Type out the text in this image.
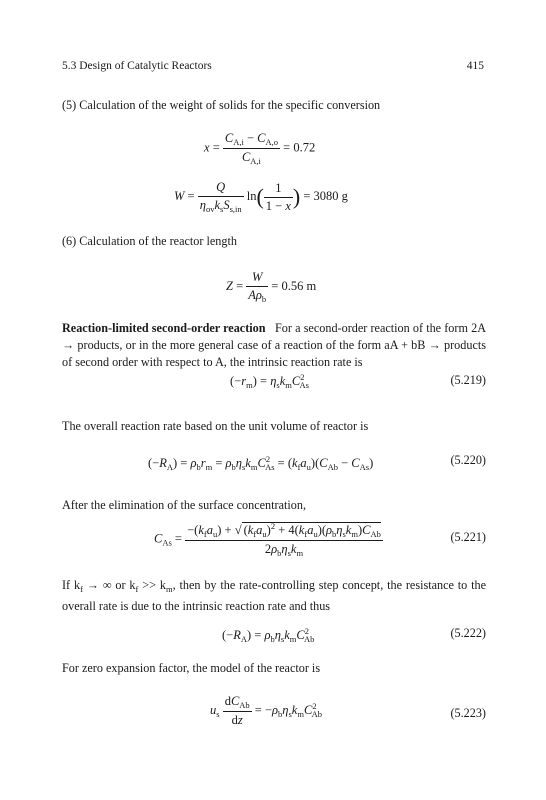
5.3 Design of Catalytic Reactors	415
(5) Calculation of the weight of solids for the specific conversion
$x = \frac{C_{A,i} - C_{A,o}}{C_{A,i}} = 0.72$
$W = \frac{Q}{\eta_{ov}k_sS_{s,in}} \ln( \frac{1}{1 - x}$ ) = 3080 g
(6) Calculation of the reactor length
$Z = \frac{W}{A\rho_b} = 0.56$ m
Reaction-limited second-order reaction For a second-order reaction of the form 2A → products, or in the more general case of a reaction of the form aA + bB → products of second order with respect to A, the intrinsic reaction rate is
$(-r_m) = \eta_sk_mC^2_{As}$	(5.219)
The overall reaction rate based on the unit volume of reactor is
$(-R_A) = \rho_br_m = \rho_b\eta_sk_mC^2_{As} = (k_fa_u)(C_{Ab} - C_{As})$	(5.220)
After the elimination of the surface concentration,
$C_{As} = \frac{-(k_fa_u) + √ (k_fa_u)^2 + 4(k_fa_u)(\rho_b\eta_sk_m)C_{Ab}}{2\rho_b\eta_sk_m}$	(5.221)
If $k_f$ → ∞ or $k_f >> k_m$, then by the rate-controlling step concept, the resistance to the overall rate is due to the intrinsic reaction rate and thus
$(-R_A) = \rho_b\eta_sk_mC^2_{Ab}$	(5.222)
For zero expansion factor, the model of the reactor is
$u_s \frac{dC_{Ab}}{dz} = -\rho_b\eta_sk_mC^2_{Ab}$	(5.223)
